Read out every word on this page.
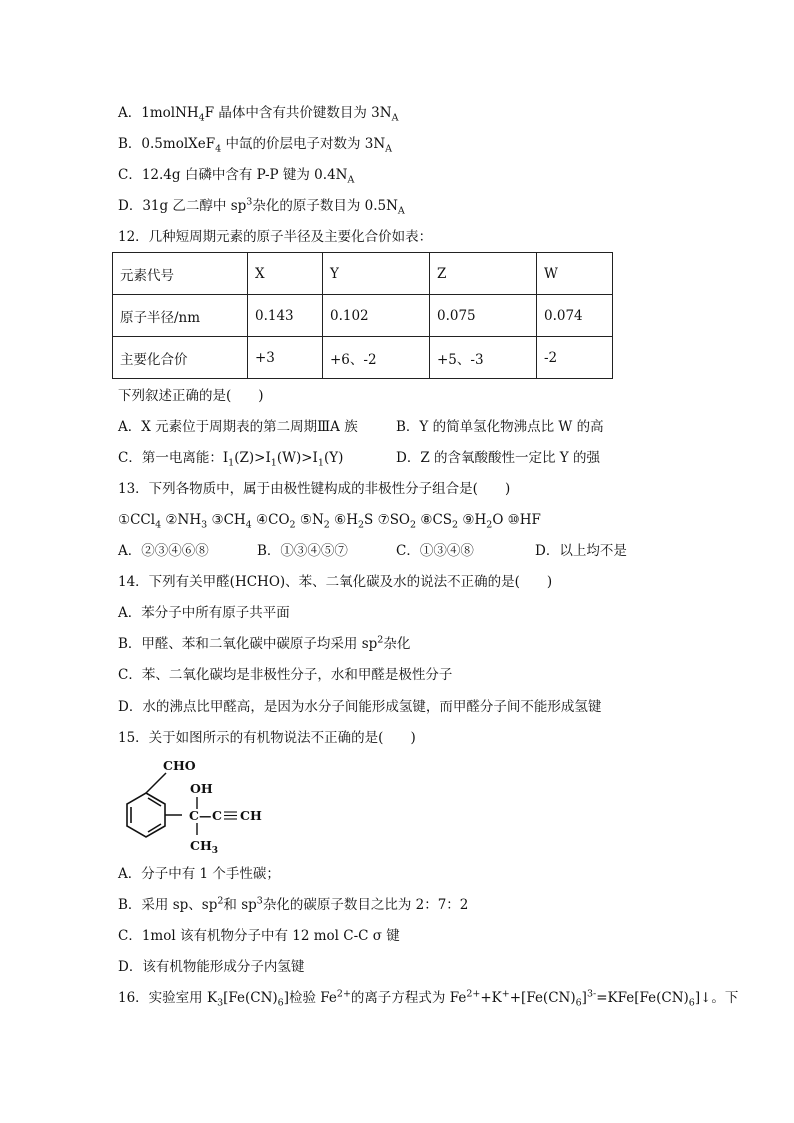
A．1molNH$_4$F 晶体中含有共价键数目为 $3N_A$
B．0.5molXeF$_4$ 中氙的价层电子对数为 $3N_A$
C．12.4g 白磷中含有 P-P 键为 $0.4N_A$
D．31g 乙二醇中 $sp^3$杂化的原子数目为 $0.5N_A$
12．几种短周期元素的原子半径及主要化合价如表：
元素代号	X	Y	Z	W
原子半径/nm	0.143	0.102	0.075	0.074
主要化合价	+3	+6、-2	+5、-3	-2
下列叙述正确的是(　　)
A．X 元素位于周期表的第二周期ⅢA 族	B．Y 的简单氢化物沸点比 W 的高
C．第一电离能：$I_1(Z)>I_1(W)>I_1(Y)$	D．Z 的含氧酸酸性一定比 Y 的强
13．下列各物质中，属于由极性键构成的非极性分子组合是(　　)
①CCl$_4$ $②NH_3$ $③CH_4$ $④CO_2$ $⑤N_2$ $⑥H_2S$ $⑦SO_2$ $⑧CS_2$ $⑨H_2O$ ⑩HF
A．②③④⑥⑧	B．①③④⑤⑦	C．①③④⑧	D．以上均不是
14．下列有关甲醛(HCHO)、苯、二氧化碳及水的说法不正确的是(　　)
A．苯分子中所有原子共平面
B．甲醛、苯和二氧化碳中碳原子均采用 $sp^2$杂化
C．苯、二氧化碳均是非极性分子，水和甲醛是极性分子
D．水的沸点比甲醛高，是因为水分子间能形成氢键，而甲醛分子间不能形成氢键
15．关于如图所示的有机物说法不正确的是(　　)
CHO
OH
C — C CH
$CH_3$
A．分子中有 1 个手性碳；
B．采用 sp、$sp^2$和 $sp^3$杂化的碳原子数目之比为 2：7：2
C．1mol 该有机物分子中有 12 mol C-C σ 键
D．该有机物能形成分子内氢键
16．实验室用 $K_3[Fe(CN)_6]$检验 $Fe^{2+}$的离子方程式为 $Fe^{2+}+K^++[Fe(CN)_6]^{3-}=KFe[Fe(CN)_6]↓$。下
